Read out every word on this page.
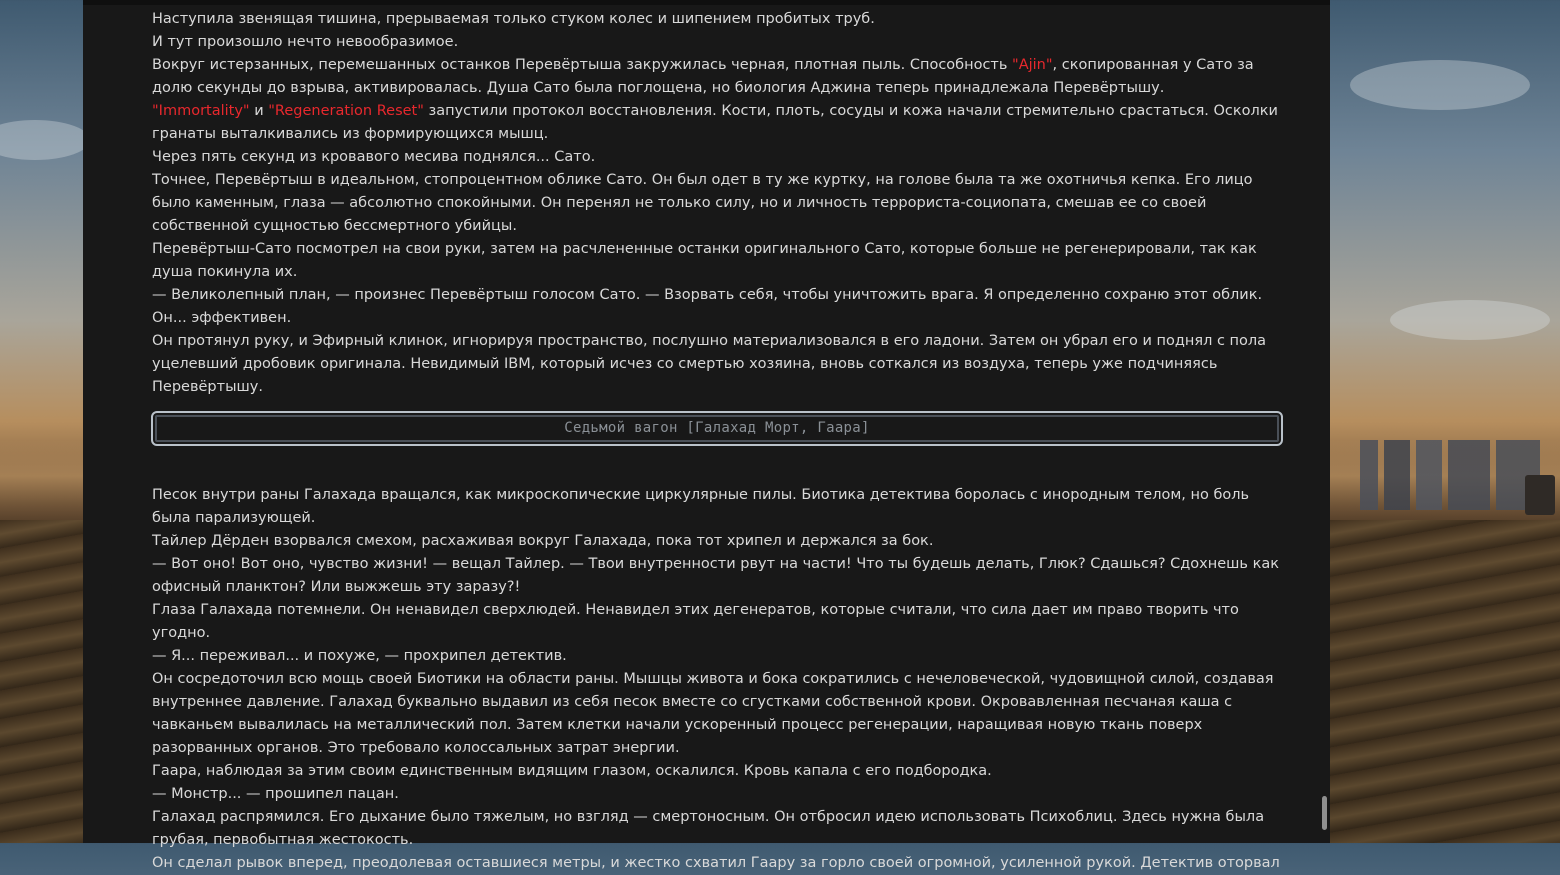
Наступила звенящая тишина, прерываемая только стуком колес и шипением пробитых труб.

И тут произошло нечто невообразимое.

Вокруг истерзанных, перемешанных останков Перевёртыша закружилась черная, плотная пыль. Способность "Ajin", скопированная у Сато за долю секунды до взрыва, активировалась. Душа Сато была поглощена, но биология Аджина теперь принадлежала Перевёртышу.

"Immortality" и "Regeneration Reset" запустили протокол восстановления. Кости, плоть, сосуды и кожа начали стремительно срастаться. Осколки гранаты выталкивались из формирующихся мышц.

Через пять секунд из кровавого месива поднялся... Сато.

Точнее, Перевёртыш в идеальном, стопроцентном облике Сато. Он был одет в ту же куртку, на голове была та же охотничья кепка. Его лицо было каменным, глаза — абсолютно спокойными. Он перенял не только силу, но и личность террориста-социопата, смешав ее со своей собственной сущностью бессмертного убийцы.

Перевёртыш-Сато посмотрел на свои руки, затем на расчлененные останки оригинального Сато, которые больше не регенерировали, так как душа покинула их.

— Великолепный план, — произнес Перевёртыш голосом Сато. — Взорвать себя, чтобы уничтожить врага. Я определенно сохраню этот облик. Он... эффективен.

Он протянул руку, и Эфирный клинок, игнорируя пространство, послушно материализовался в его ладони. Затем он убрал его и поднял с пола уцелевший дробовик оригинала. Невидимый IBM, который исчез со смертью хозяина, вновь соткался из воздуха, теперь уже подчиняясь Перевёртышу.

Седьмой вагон [Галахад Морт, Гаара]

Песок внутри раны Галахада вращался, как микроскопические циркулярные пилы. Биотика детектива боролась с инородным телом, но боль была парализующей.

Тайлер Дёрден взорвался смехом, расхаживая вокруг Галахада, пока тот хрипел и держался за бок.

— Вот оно! Вот оно, чувство жизни! — вещал Тайлер. — Твои внутренности рвут на части! Что ты будешь делать, Глюк? Сдашься? Сдохнешь как офисный планктон? Или выжжешь эту заразу?!

Глаза Галахада потемнели. Он ненавидел сверхлюдей. Ненавидел этих дегенератов, которые считали, что сила дает им право творить что угодно.

— Я... переживал... и похуже, — прохрипел детектив.

Он сосредоточил всю мощь своей Биотики на области раны. Мышцы живота и бока сократились с нечеловеческой, чудовищной силой, создавая внутреннее давление. Галахад буквально выдавил из себя песок вместе со сгустками собственной крови. Окровавленная песчаная каша с чавканьем вывалилась на металлический пол. Затем клетки начали ускоренный процесс регенерации, наращивая новую ткань поверх разорванных органов. Это требовало колоссальных затрат энергии.

Гаара, наблюдая за этим своим единственным видящим глазом, оскалился. Кровь капала с его подбородка.

— Монстр... — прошипел пацан.

Галахад распрямился. Его дыхание было тяжелым, но взгляд — смертоносным. Он отбросил идею использовать Психоблиц. Здесь нужна была грубая, первобытная жестокость.

Он сделал рывок вперед, преодолевая оставшиеся метры, и жестко схватил Гаару за горло своей огромной, усиленной рукой. Детектив оторвал
